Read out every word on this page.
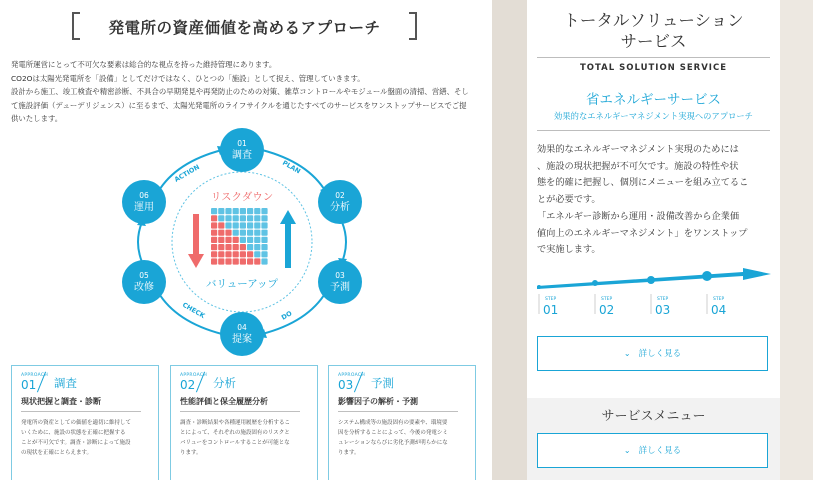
発電所の資産価値を高めるアプローチ

発電所運営にとって不可欠な要素は総合的な視点を持った維持管理にあります。

CO2Oは太陽光発電所を「設備」としてだけではなく、ひとつの「施設」として捉え、管理していきます。

設計から施工、竣工検査や精密診断、不具合の早期発見や再発防止のための対策、雑草コントロールやモジュール盤面の清掃、営繕、そし

て施設評価（デューデリジェンス）に至るまで、太陽光発電所のライフサイクルを通じたすべてのサービスをワンストップサービスでご提

供いたします。

PLAN
DO
CHECK
ACTION
01
調査
02
分析
03
予測
04
提案
05
改修
06
運用
リスクダウン
バリューアップ
APPROACH
01 調査
現状把握と調査・診断
発電所の資産としての価値を適切に維持して
いくために、施設の状態を正確に把握する
ことが不可欠です。調査・診断によって施設
の現状を正確にとらえます。
APPROACH
02 分析
性能評価と保全履歴分析
調査・診断結果や各種運用履歴を分析するこ
とによって、それぞれの施設固有のリスクと
バリューをコントロールすることが可能とな
ります。
APPROACH
03 予測
影響因子の解析・予測
システム構成等の施設固有の要素や、環境要
因を分析することによって、今後の発電シミ
ュレーションならびに劣化予測が明らかにな
ります。
トータルソリューション
サービス
TOTAL SOLUTION SERVICE
省エネルギーサービス
効果的なエネルギーマネジメント実現へのアプローチ
効果的なエネルギーマネジメント実現のためには
、施設の現状把握が不可欠です。施設の特性や状
態を的確に把握し、個別にメニューを組み立てるこ
とが必要です。
「エネルギー診断から運用・設備改善から企業価
値向上のエネルギーマネジメント」をワンストップ
で実施します。
STEP
01
STEP
02
STEP
03
STEP
04
⌄ 詳しく見る
サービスメニュー
⌄ 詳しく見る
